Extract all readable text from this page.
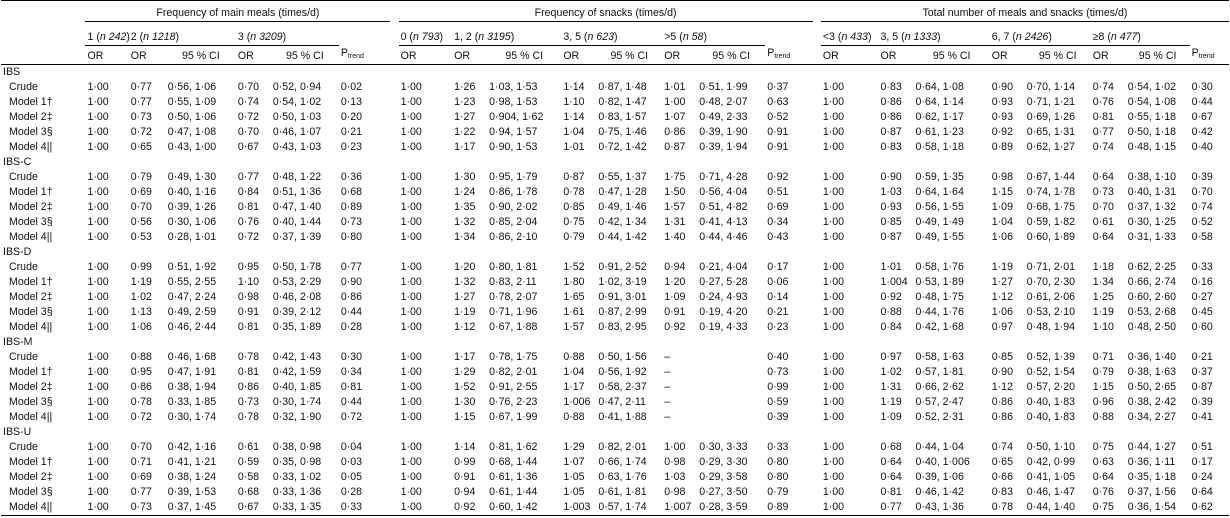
	Frequency of main meals (times/d)							Frequency of snacks (times/d)									Total number of meals and snacks (times/d)							
	1 (n 242)	2 (n 1218)		3 (n 3209)				0 (n 793)	1, 2 (n 3195)		3, 5 (n 623)		>5 (n 58)				<3 (n 433)	3, 5 (n 1333)		6, 7 (n 2426)		≥8 (n 477)		
	OR	OR	95 % CI	OR	95 % CI	$P_{trend}$		OR	OR	95 % CI	OR	95 % CI	OR	95 % CI	$P_{trend}$		OR	OR	95 % CI	OR	95 % CI	OR	95 % CI	$P_{trend}$
IBS																								
Crude	1·00	0·77	0·56, 1·06	0·70	0·52, 0·94	0·02		1·00	1·26	1·03, 1·53	1·14	0·87, 1·48	1·01	0·51, 1·99	0·37		1·00	0·83	0·64, 1·08	0·90	0·70, 1·14	0·74	0·54, 1·02	0·30
Model 1†	1·00	0·77	0·55, 1·09	0·74	0·54, 1·02	0·13		1·00	1·23	0·98, 1·53	1·10	0·82, 1·47	1·00	0·48, 2·07	0·63		1·00	0·86	0·64, 1·14	0·93	0·71, 1·21	0·76	0·54, 1·08	0·44
Model 2‡	1·00	0·73	0·50, 1·06	0·72	0·50, 1·03	0·20		1·00	1·27	0·904, 1·62	1·14	0·83, 1·57	1·07	0·49, 2·33	0·52		1·00	0·86	0·62, 1·17	0·93	0·69, 1·26	0·81	0·55, 1·18	0·67
Model 3§	1·00	0·72	0·47, 1·08	0·70	0·46, 1·07	0·21		1·00	1·22	0·94, 1·57	1·04	0·75, 1·46	0·86	0·39, 1·90	0·91		1·00	0·87	0·61, 1·23	0·92	0·65, 1·31	0·77	0·50, 1·18	0·42
Model 4||	1·00	0·65	0·43, 1·00	0·67	0·43, 1·03	0·23		1·00	1·17	0·90, 1·53	1·01	0·72, 1·42	0·87	0·39, 1·94	0·91		1·00	0·83	0·58, 1·18	0·89	0·62, 1·27	0·74	0·48, 1·15	0·40
IBS-C																								
Crude	1·00	0·79	0·49, 1·30	0·77	0·48, 1·22	0·36		1·00	1·30	0·95, 1·79	0·87	0·55, 1·37	1·75	0·71, 4·28	0·92		1·00	0·90	0·59, 1·35	0·98	0·67, 1·44	0·64	0·38, 1·10	0·39
Model 1†	1·00	0·69	0·40, 1·16	0·84	0·51, 1·36	0·68		1·00	1·24	0·86, 1·78	0·78	0·47, 1·28	1·50	0·56, 4·04	0·51		1·00	1·03	0·64, 1·64	1·15	0·74, 1·78	0·73	0·40, 1·31	0·70
Model 2‡	1·00	0·70	0·39, 1·26	0·81	0·47, 1·40	0·89		1·00	1·35	0·90, 2·02	0·85	0·49, 1·46	1·57	0·51, 4·82	0·69		1·00	0·93	0·56, 1·55	1·09	0·68, 1·75	0·70	0·37, 1·32	0·74
Model 3§	1·00	0·56	0·30, 1·06	0·76	0·40, 1·44	0·73		1·00	1·32	0·85, 2·04	0·75	0·42, 1·34	1·31	0·41, 4·13	0·34		1·00	0·85	0·49, 1·49	1·04	0·59, 1·82	0·61	0·30, 1·25	0·52
Model 4||	1·00	0·53	0·28, 1·01	0·72	0·37, 1·39	0·80		1·00	1·34	0·86, 2·10	0·79	0·44, 1·42	1·40	0·44, 4·46	0·43		1·00	0·87	0·49, 1·55	1·06	0·60, 1·89	0·64	0·31, 1·33	0·58
IBS-D																								
Crude	1·00	0·99	0·51, 1·92	0·95	0·50, 1·78	0·77		1·00	1·20	0·80, 1·81	1·52	0·91, 2·52	0·94	0·21, 4·04	0·17		1·00	1·01	0·58, 1·76	1·19	0·71, 2·01	1·18	0·62, 2·25	0·33
Model 1†	1·00	1·19	0·55, 2·55	1·10	0·53, 2·29	0·90		1·00	1·32	0·83, 2·11	1·80	1·02, 3·19	1·20	0·27, 5·28	0·06		1·00	1·004	0·53, 1·89	1·27	0·70, 2·30	1·34	0·66, 2·74	0·16
Model 2‡	1·00	1·02	0·47, 2·24	0·98	0·46, 2·08	0·86		1·00	1·27	0·78, 2·07	1·65	0·91, 3·01	1·09	0·24, 4·93	0·14		1·00	0·92	0·48, 1·75	1·12	0·61, 2·06	1·25	0·60, 2·60	0·27
Model 3§	1·00	1·13	0·49, 2·59	0·91	0·39, 2·12	0·44		1·00	1·19	0·71, 1·96	1·61	0·87, 2·99	0·91	0·19, 4·20	0·21		1·00	0·88	0·44, 1·76	1·06	0·53, 2·10	1·19	0·53, 2·68	0·45
Model 4||	1·00	1·06	0·46, 2·44	0·81	0·35, 1·89	0·28		1·00	1·12	0·67, 1·88	1·57	0·83, 2·95	0·92	0·19, 4·33	0·23		1·00	0·84	0·42, 1·68	0·97	0·48, 1·94	1·10	0·48, 2·50	0·60
IBS-M																								
Crude	1·00	0·88	0·46, 1·68	0·78	0·42, 1·43	0·30		1·00	1·17	0·78, 1·75	0·88	0·50, 1·56	–		0·40		1·00	0·97	0·58, 1·63	0·85	0·52, 1·39	0·71	0·36, 1·40	0·21
Model 1†	1·00	0·95	0·47, 1·91	0·81	0·42, 1·59	0·34		1·00	1·29	0·82, 2·01	1·04	0·56, 1·92	–		0·73		1·00	1·02	0·57, 1·81	0·90	0·52, 1·54	0·79	0·38, 1·63	0·37
Model 2‡	1·00	0·86	0·38, 1·94	0·86	0·40, 1·85	0·81		1·00	1·52	0·91, 2·55	1·17	0·58, 2·37	–		0·99		1·00	1·31	0·66, 2·62	1·12	0·57, 2·20	1·15	0·50, 2·65	0·87
Model 3§	1·00	0·78	0·33, 1·85	0·73	0·30, 1·74	0·44		1·00	1·30	0·76, 2·23	1·006	0·47, 2·11	–		0·59		1·00	1·19	0·57, 2·47	0·86	0·40, 1·83	0·96	0·38, 2·42	0·39
Model 4||	1·00	0·72	0·30, 1·74	0·78	0·32, 1·90	0·72		1·00	1·15	0·67, 1·99	0·88	0·41, 1·88	–		0·39		1·00	1·09	0·52, 2·31	0·86	0·40, 1·83	0·88	0·34, 2·27	0·41
IBS-U																								
Crude	1·00	0·70	0·42, 1·16	0·61	0·38, 0·98	0·04		1·00	1·14	0·81, 1·62	1·29	0·82, 2·01	1·00	0·30, 3·33	0·33		1·00	0·68	0·44, 1·04	0·74	0·50, 1·10	0·75	0·44, 1·27	0·51
Model 1†	1·00	0·71	0·41, 1·21	0·59	0·35, 0·98	0·03		1·00	0·99	0·68, 1·44	1·07	0·66, 1·74	0·98	0·29, 3·30	0·80		1·00	0·64	0·40, 1·006	0·65	0·42, 0·99	0·63	0·36, 1·11	0·17
Model 2‡	1·00	0·69	0·38, 1·24	0·58	0·33, 1·02	0·05		1·00	0·91	0·61, 1·36	1·05	0·63, 1·76	1·03	0·29, 3·58	0·80		1·00	0·64	0·39, 1·06	0·66	0·41, 1·05	0·64	0·35, 1·18	0·24
Model 3§	1·00	0·77	0·39, 1·53	0·68	0·33, 1·36	0·28		1·00	0·94	0·61, 1·44	1·05	0·61, 1·81	0·98	0·27, 3·50	0·79		1·00	0·81	0·46, 1·42	0·83	0·46, 1·47	0·76	0·37, 1·56	0·64
Model 4||	1·00	0·73	0·37, 1·45	0·67	0·33, 1·35	0·33		1·00	0·92	0·60, 1·42	1·003	0·57, 1·74	1·007	0·28, 3·59	0·89		1·00	0·77	0·43, 1·36	0·78	0·44, 1·40	0·75	0·36, 1·54	0·62
